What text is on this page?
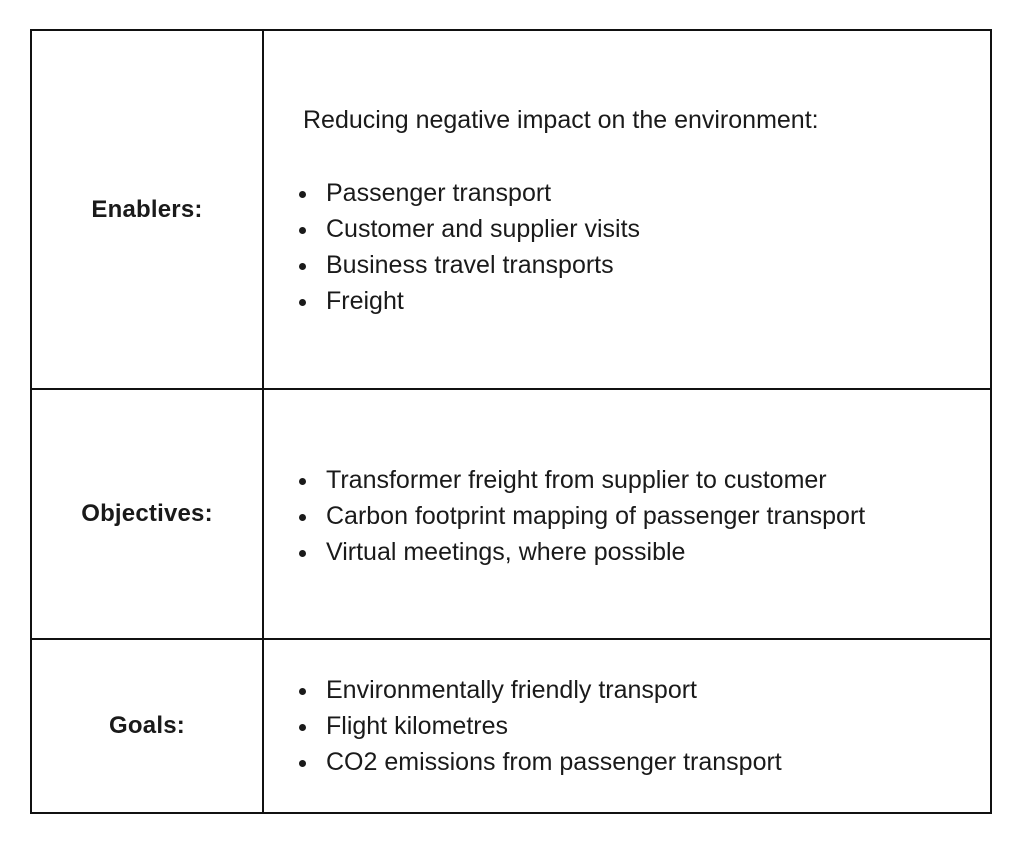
Enablers:

Reducing negative impact on the environment:

Passenger transport
Customer and supplier visits
Business travel transports
Freight
Objectives:
Transformer freight from supplier to customer
Carbon footprint mapping of passenger transport
Virtual meetings, where possible
Goals:
Environmentally friendly transport
Flight kilometres
CO2 emissions from passenger transport
